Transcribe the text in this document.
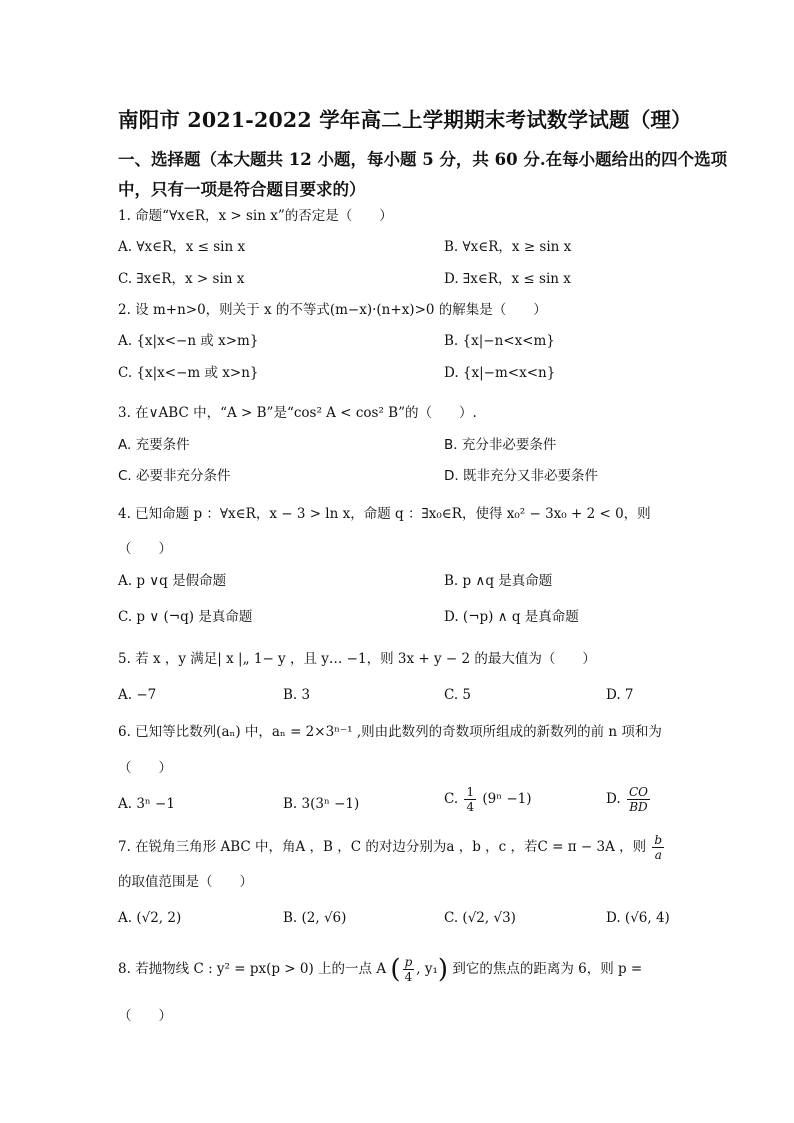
南阳市 2021-2022 学年高二上学期期末考试数学试题（理）
一、选择题（本大题共 12 小题，每小题 5 分，共 60 分.在每小题给出的四个选项
中，只有一项是符合题目要求的）
1. 命题“∀x∈R，x > sin x”的否定是（　　）
A. ∀x∈R，x ≤ sin x	B. ∀x∈R，x ≥ sin x
C. ∃x∈R，x > sin x	D. ∃x∈R，x ≤ sin x
2. 设 m+n>0，则关于 x 的不等式(m−x)·(n+x)>0 的解集是（　　）
A. {x|x<−n 或 x>m}	B. {x|−n<x<m}
C. {x|x<−m 或 x>n}	D. {x|−m<x<n}
3. 在∨ABC 中，“A > B”是“cos² A < cos² B”的（　　）.
A. 充要条件	B. 充分非必要条件
C. 必要非充分条件	D. 既非充分又非必要条件
4. 已知命题 p ：∀x∈R，x − 3 > ln x，命题 q ：∃x₀∈R，使得 x₀² − 3x₀ + 2 < 0，则
（　　）
A. p ∨q 是假命题	B. p ∧q 是真命题
C. p ∨ (¬q) 是真命题	D. (¬p) ∧ q 是真命题
5. 若 x ，y 满足| x |„ 1− y ，且 y… −1，则 3x + y − 2 的最大值为（　　）
A. −7	B. 3	C. 5	D. 7
6. 已知等比数列(aₙ) 中，aₙ = 2×3ⁿ⁻¹ ,则由此数列的奇数项所组成的新数列的前 n 项和为
（　　）
A. 3ⁿ −1	B. 3(3ⁿ −1)	C. $\frac{1}{4} (9^n -1)$	D. $\frac{CO}{BD}$
7. 在锐角三角形 ABC 中，角A ，B ，C 的对边分别为a ，b ，c ，若C = π − 3A ，则 $\frac{b}{a}$
的取值范围是（　　）
A. (√2, 2)	B. (2, √6)	C. (√2, √3)	D. (√6, 4)
8. 若抛物线 C : y² = px(p > 0) 上的一点 A ( $\frac{p}{4}$ , y₁) 到它的焦点的距离为 6，则 p =
（　　）
